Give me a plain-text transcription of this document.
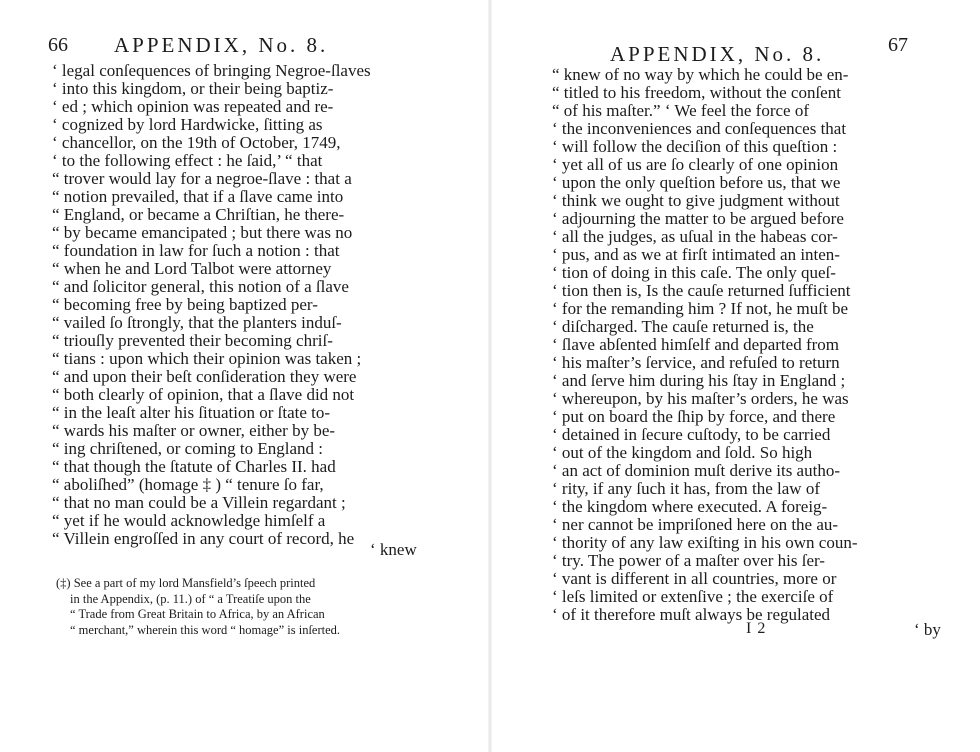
66 APPENDIX, No. 8.
‘ legal conſequences of bringing Negroe-ſlaves
‘ into this kingdom, or their being baptiz-
‘ ed ; which opinion was repeated and re-
‘ cognized by lord Hardwicke, ſitting as
‘ chancellor, on the 19th of October, 1749,
‘ to the following effect : he ſaid,’ “ that
“ trover would lay for a negroe-ſlave : that a
“ notion prevailed, that if a ſlave came into
“ England, or became a Chriſtian, he there-
“ by became emancipated ; but there was no
“ foundation in law for ſuch a notion : that
“ when he and Lord Talbot were attorney
“ and ſolicitor general, this notion of a ſlave
“ becoming free by being baptized per-
“ vailed ſo ſtrongly, that the planters induſ-
“ triouſly prevented their becoming chriſ-
“ tians : upon which their opinion was taken ;
“ and upon their beſt conſideration they were
“ both clearly of opinion, that a ſlave did not
“ in the leaſt alter his ſituation or ſtate to-
“ wards his maſter or owner, either by be-
“ ing chriſtened, or coming to England :
“ that though the ſtatute of Charles II. had
“ aboliſhed” (homage ‡ ) “ tenure ſo far,
“ that no man could be a Villein regardant ;
“ yet if he would acknowledge himſelf a
“ Villein engroſſed in any court of record, he
‘ knew
(‡) See a part of my lord Mansfield’s ſpeech printed
in the Appendix, (p. 11.) of “ a Treatiſe upon the
“ Trade from Great Britain to Africa, by an African
“ merchant,” wherein this word “ homage” is inſerted.
APPENDIX, No. 8.	67
“ knew of no way by which he could be en-
“ titled to his freedom, without the conſent
“ of his maſter.” ‘ We feel the force of
‘ the inconveniences and conſequences that
‘ will follow the deciſion of this queſtion :
‘ yet all of us are ſo clearly of one opinion
‘ upon the only queſtion before us, that we
‘ think we ought to give judgment without
‘ adjourning the matter to be argued before
‘ all the judges, as uſual in the habeas cor-
‘ pus, and as we at firſt intimated an inten-
‘ tion of doing in this caſe. The only queſ-
‘ tion then is, Is the cauſe returned ſufficient
‘ for the remanding him ? If not, he muſt be
‘ diſcharged. The cauſe returned is, the
‘ ſlave abſented himſelf and departed from
‘ his maſter’s ſervice, and refuſed to return
‘ and ſerve him during his ſtay in England ;
‘ whereupon, by his maſter’s orders, he was
‘ put on board the ſhip by force, and there
‘ detained in ſecure cuſtody, to be carried
‘ out of the kingdom and ſold. So high
‘ an act of dominion muſt derive its autho-
‘ rity, if any ſuch it has, from the law of
‘ the kingdom where executed. A foreig-
‘ ner cannot be impriſoned here on the au-
‘ thority of any law exiſting in his own coun-
‘ try. The power of a maſter over his ſer-
‘ vant is different in all countries, more or
‘ leſs limited or extenſive ; the exerciſe of
‘ of it therefore muſt always be regulated
I 2	‘ by
